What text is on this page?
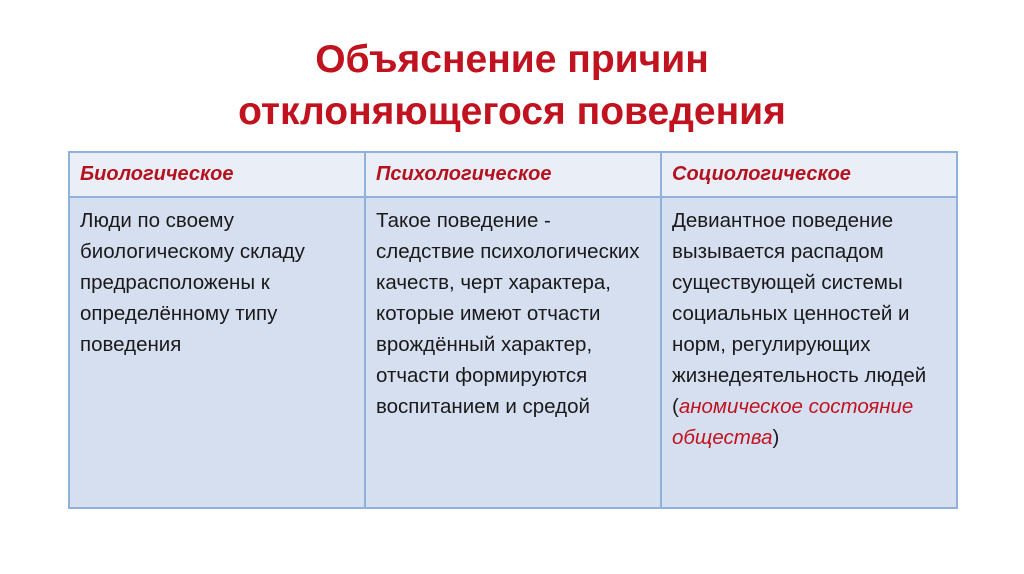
Объяснение причин
отклоняющегося поведения
Биологическое	Психологическое	Социологическое
Люди по своему биологическому складу предрасположены к определённому типу поведения	Такое поведение - следствие психологических качеств, черт характера, которые имеют отчасти врождённый характер, отчасти формируются воспитанием и средой	Девиантное поведение вызывается распадом существующей системы социальных ценностей и норм, регулирующих жизнедеятельность людей (аномическое состояние общества)
